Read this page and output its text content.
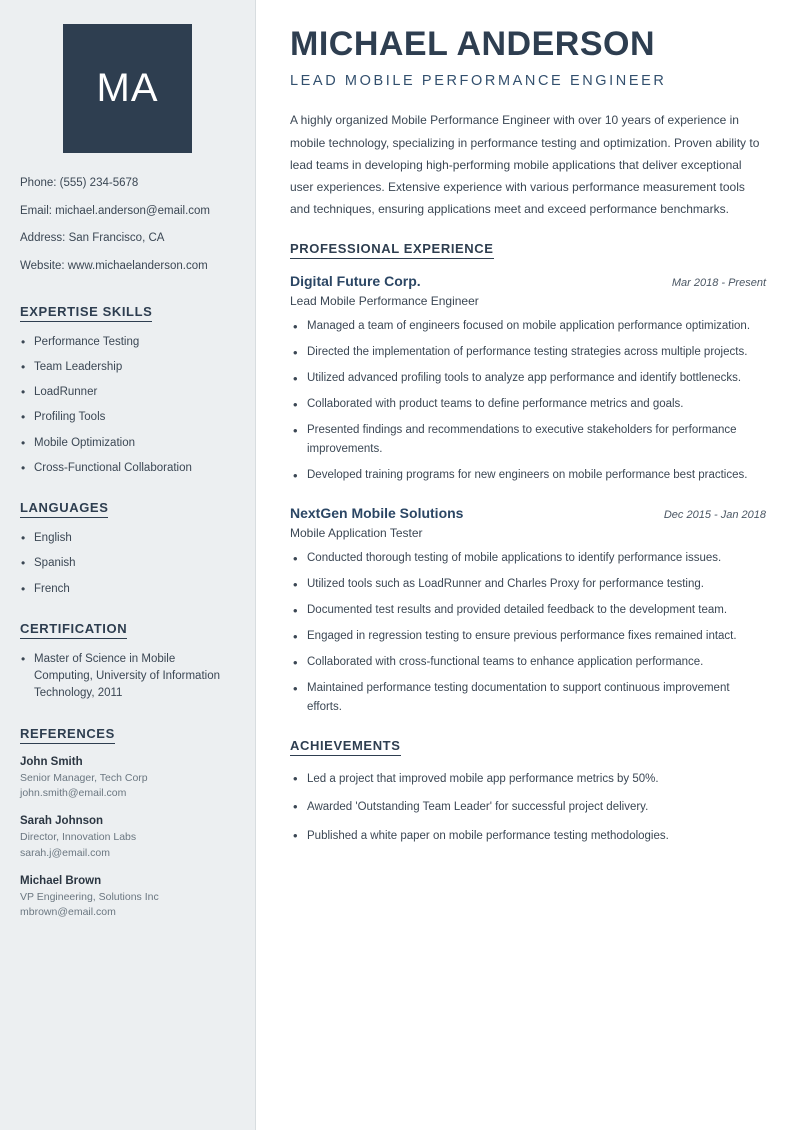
MA
Phone: (555) 234-5678
Email: michael.anderson@email.com
Address: San Francisco, CA
Website: www.michaelanderson.com
EXPERTISE SKILLS
• Performance Testing
• Team Leadership
• LoadRunner
• Profiling Tools
• Mobile Optimization
• Cross-Functional Collaboration
LANGUAGES
• English
• Spanish
• French
CERTIFICATION
• Master of Science in Mobile Computing, University of Information Technology, 2011
REFERENCES
John Smith
Senior Manager, Tech Corp
john.smith@email.com
Sarah Johnson
Director, Innovation Labs
sarah.j@email.com
Michael Brown
VP Engineering, Solutions Inc
mbrown@email.com
MICHAEL ANDERSON
LEAD MOBILE PERFORMANCE ENGINEER

A highly organized Mobile Performance Engineer with over 10 years of experience in mobile technology, specializing in performance testing and optimization. Proven ability to lead teams in developing high-performing mobile applications that deliver exceptional user experiences. Extensive experience with various performance measurement tools and techniques, ensuring applications meet and exceed performance benchmarks.

PROFESSIONAL EXPERIENCE
Digital Future Corp.	Mar 2018 - Present
Lead Mobile Performance Engineer
• Managed a team of engineers focused on mobile application performance optimization.
• Directed the implementation of performance testing strategies across multiple projects.
• Utilized advanced profiling tools to analyze app performance and identify bottlenecks.
• Collaborated with product teams to define performance metrics and goals.
• Presented findings and recommendations to executive stakeholders for performance improvements.
• Developed training programs for new engineers on mobile performance best practices.
NextGen Mobile Solutions	Dec 2015 - Jan 2018
Mobile Application Tester
• Conducted thorough testing of mobile applications to identify performance issues.
• Utilized tools such as LoadRunner and Charles Proxy for performance testing.
• Documented test results and provided detailed feedback to the development team.
• Engaged in regression testing to ensure previous performance fixes remained intact.
• Collaborated with cross-functional teams to enhance application performance.
• Maintained performance testing documentation to support continuous improvement efforts.
ACHIEVEMENTS
• Led a project that improved mobile app performance metrics by 50%.
• Awarded 'Outstanding Team Leader' for successful project delivery.
• Published a white paper on mobile performance testing methodologies.
